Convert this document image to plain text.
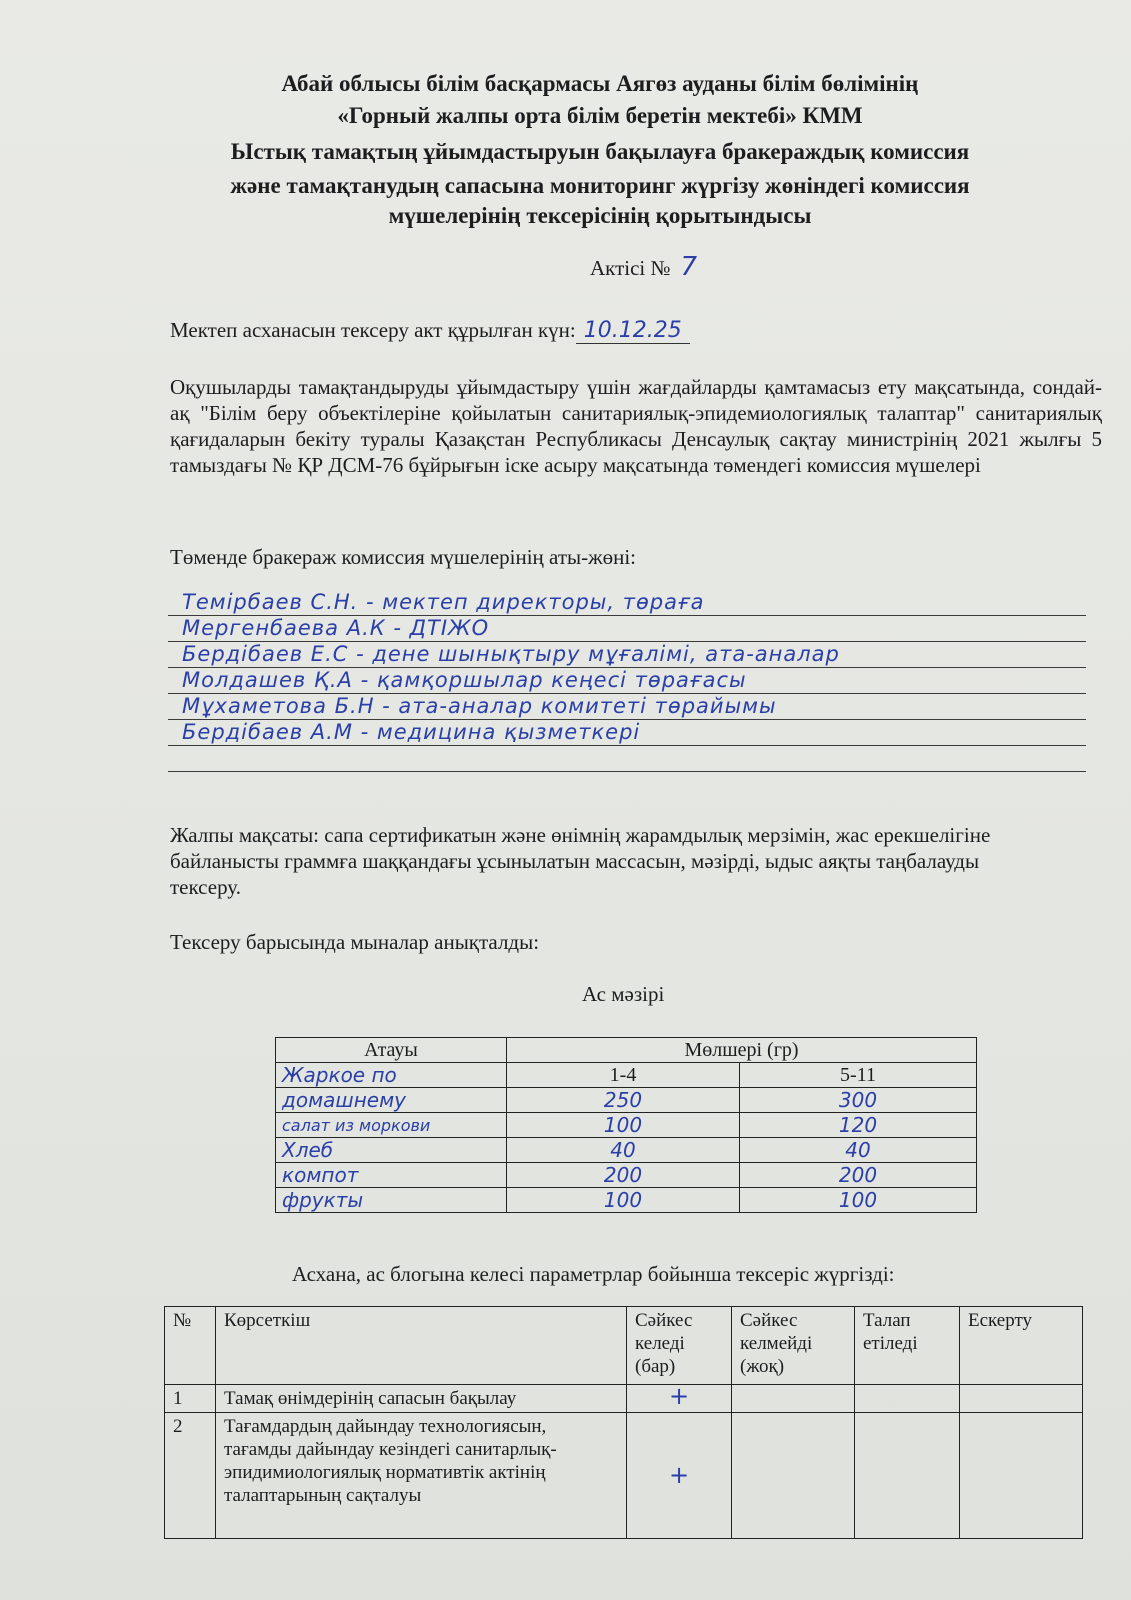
Абай облысы білім басқармасы Аягөз ауданы білім бөлімінің
«Горный жалпы орта білім беретін мектебі» КММ
Ыстық тамақтың ұйымдастыруын бақылауға бракераждық комиссия
және тамақтанудың сапасына мониторинг жүргізу жөніндегі комиссия
мүшелерінің тексерісінің қорытындысы
Актісі № 7
Мектеп асханасын тексеру акт құрылған күн: 10.12.25
Оқушыларды тамақтандыруды ұйымдастыру үшін жағдайларды қамтамасыз ету мақсатында, сондай-ақ "Білім беру объектілеріне қойылатын санитариялық-эпидемиологиялық талаптар" санитариялық қағидаларын бекіту туралы Қазақстан Республикасы Денсаулық сақтау министрінің 2021 жылғы 5 тамыздағы № ҚР ДСМ-76 бұйрығын іске асыру мақсатында төмендегі комиссия мүшелері
Төменде бракераж комиссия мүшелерінің аты-жөні:
Темірбаев С.Н. - мектеп директоры, төраға
Мергенбаева А.К - ДТІЖО
Бердібаев Е.С - дене шынықтыру мұғалімі, ата-аналар
Молдашев Қ.А - қамқоршылар кеңесі төрағасы
Мұхаметова Б.Н - ата-аналар комитеті төрайымы
Бердібаев А.М - медицина қызметкері
Жалпы мақсаты: сапа сертификатын және өнімнің жарамдылық мерзімін, жас ерекшелігіне байланысты граммға шаққандағы ұсынылатын массасын, мәзірді, ыдыс аяқты таңбалауды тексеру.
Тексеру барысында мыналар анықталды:
Ас мәзірі
Атауы	Мөлшері (гр)	
Жаркое по	1-4	5-11
домашнему	250	300
салат из моркови	100	120
Хлеб	40	40
компот	200	200
фрукты	100	100
Асхана, ас блогына келесі параметрлар бойынша тексеріс жүргізді:
№	Көрсеткіш	Сәйкес келеді (бар)	Сәйкес келмейді (жоқ)	Талап етіледі	Ескерту
1	Тамақ өнімдерінің сапасын бақылау	+			
2	Тағамдардың дайындау технологиясын, тағамды дайындау кезіндегі санитарлық-эпидимиологиялық нормативтік актінің талаптарының сақталуы	+			
